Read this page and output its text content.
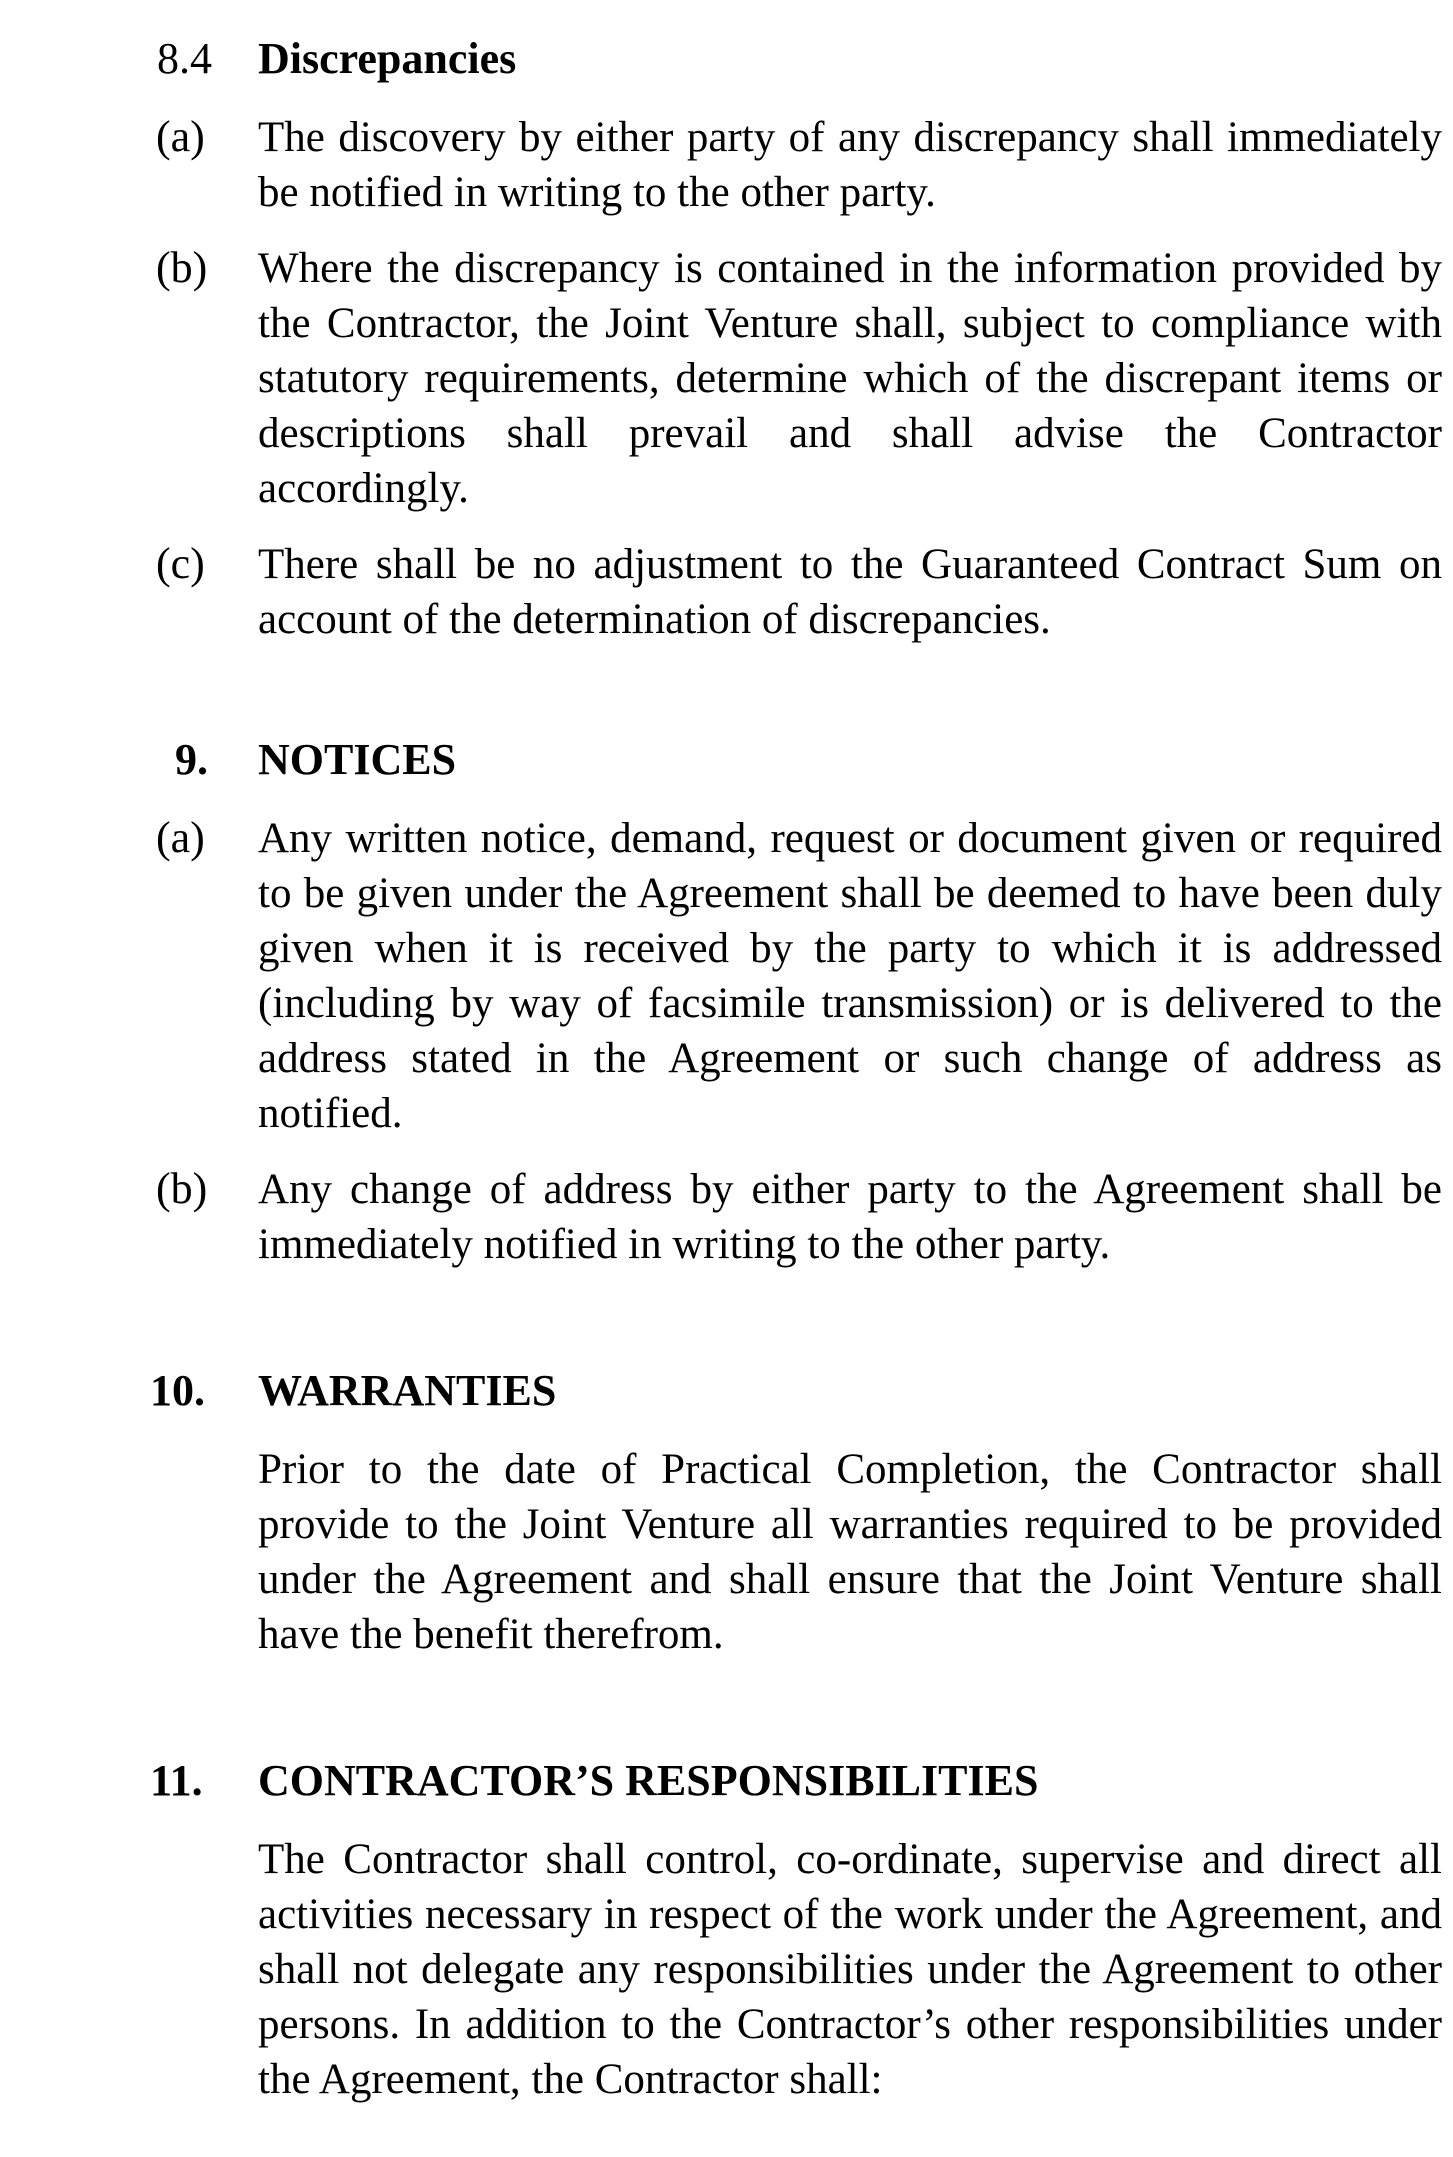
8.4 Discrepancies
(a) The discovery by either party of any discrepancy shall immediately be notified in writing to the other party.
(b) Where the discrepancy is contained in the information provided by the Contractor, the Joint Venture shall, subject to compliance with statutory requirements, determine which of the discrepant items or descriptions shall prevail and shall advise the Contractor accordingly.
(c) There shall be no adjustment to the Guaranteed Contract Sum on account of the determination of discrepancies.
9. NOTICES
(a) Any written notice, demand, request or document given or required to be given under the Agreement shall be deemed to have been duly given when it is received by the party to which it is addressed (including by way of facsimile transmission) or is delivered to the address stated in the Agreement or such change of address as notified.
(b) Any change of address by either party to the Agreement shall be immediately notified in writing to the other party.
10. WARRANTIES
Prior to the date of Practical Completion, the Contractor shall provide to the Joint Venture all warranties required to be provided under the Agreement and shall ensure that the Joint Venture shall have the benefit therefrom.
11. CONTRACTOR’S RESPONSIBILITIES
The Contractor shall control, co-ordinate, supervise and direct all activities necessary in respect of the work under the Agreement, and shall not delegate any responsibilities under the Agreement to other persons. In addition to the Contractor’s other responsibilities under the Agreement, the Contractor shall:
